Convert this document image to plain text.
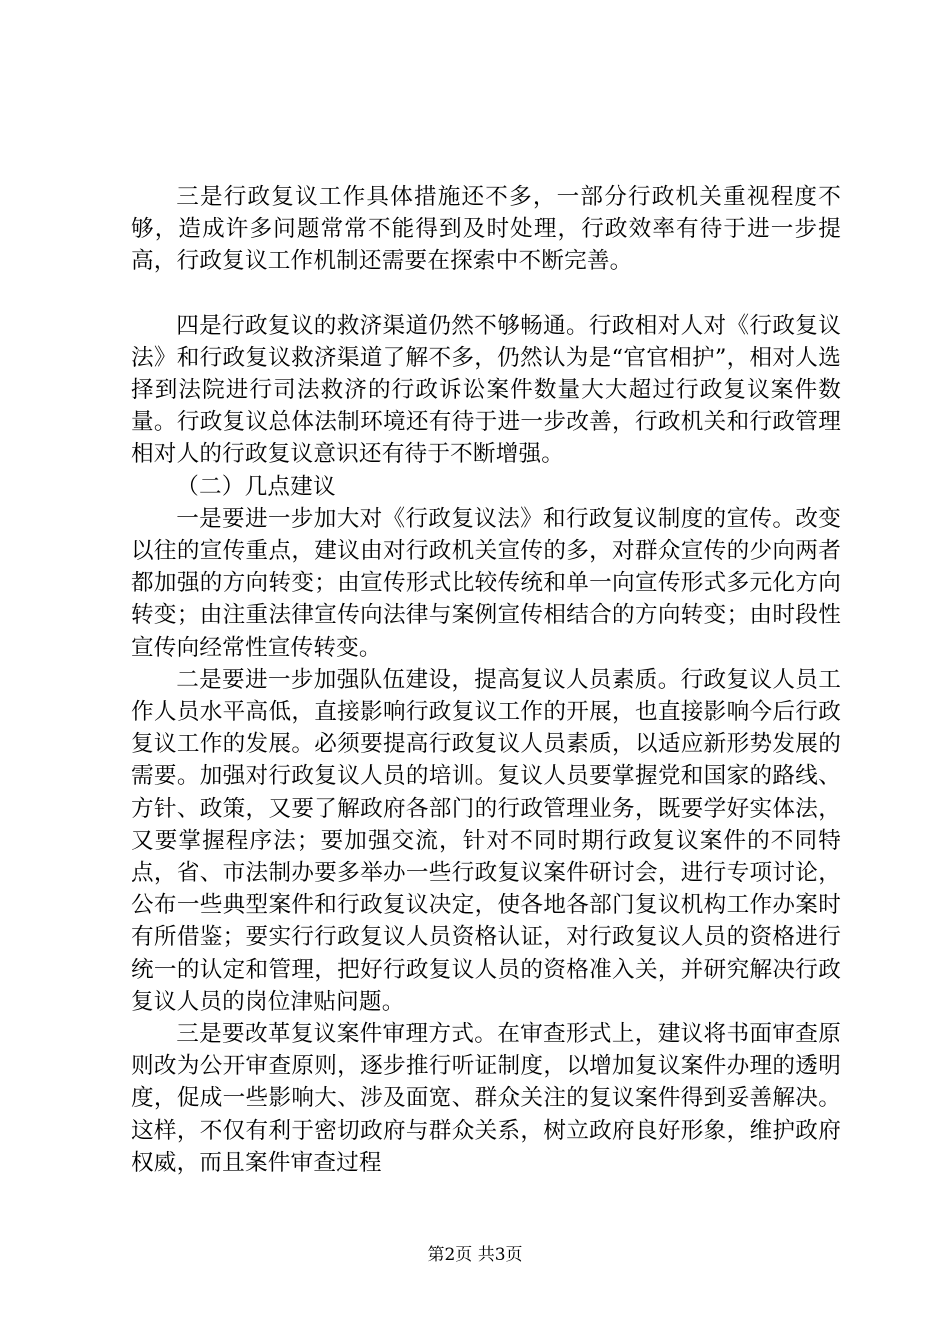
三是行政复议工作具体措施还不多，一部分行政机关重视程度不够，造成许多问题常常不能得到及时处理，行政效率有待于进一步提高，行政复议工作机制还需要在探索中不断完善。

四是行政复议的救济渠道仍然不够畅通。行政相对人对《行政复议法》和行政复议救济渠道了解不多，仍然认为是“官官相护”，相对人选择到法院进行司法救济的行政诉讼案件数量大大超过行政复议案件数量。行政复议总体法制环境还有待于进一步改善，行政机关和行政管理相对人的行政复议意识还有待于不断增强。

（二）几点建议

一是要进一步加大对《行政复议法》和行政复议制度的宣传。改变以往的宣传重点，建议由对行政机关宣传的多，对群众宣传的少向两者都加强的方向转变；由宣传形式比较传统和单一向宣传形式多元化方向转变；由注重法律宣传向法律与案例宣传相结合的方向转变；由时段性宣传向经常性宣传转变。

二是要进一步加强队伍建设，提高复议人员素质。行政复议人员工作人员水平高低，直接影响行政复议工作的开展，也直接影响今后行政复议工作的发展。必须要提高行政复议人员素质，以适应新形势发展的需要。加强对行政复议人员的培训。复议人员要掌握党和国家的路线、方针、政策，又要了解政府各部门的行政管理业务，既要学好实体法，又要掌握程序法；要加强交流，针对不同时期行政复议案件的不同特点，省、市法制办要多举办一些行政复议案件研讨会，进行专项讨论，公布一些典型案件和行政复议决定，使各地各部门复议机构工作办案时有所借鉴；要实行行政复议人员资格认证，对行政复议人员的资格进行统一的认定和管理，把好行政复议人员的资格准入关，并研究解决行政复议人员的岗位津贴问题。

三是要改革复议案件审理方式。在审查形式上，建议将书面审查原则改为公开审查原则，逐步推行听证制度，以增加复议案件办理的透明度，促成一些影响大、涉及面宽、群众关注的复议案件得到妥善解决。这样，不仅有利于密切政府与群众关系，树立政府良好形象，维护政府权威，而且案件审查过程

第2页 共3页
